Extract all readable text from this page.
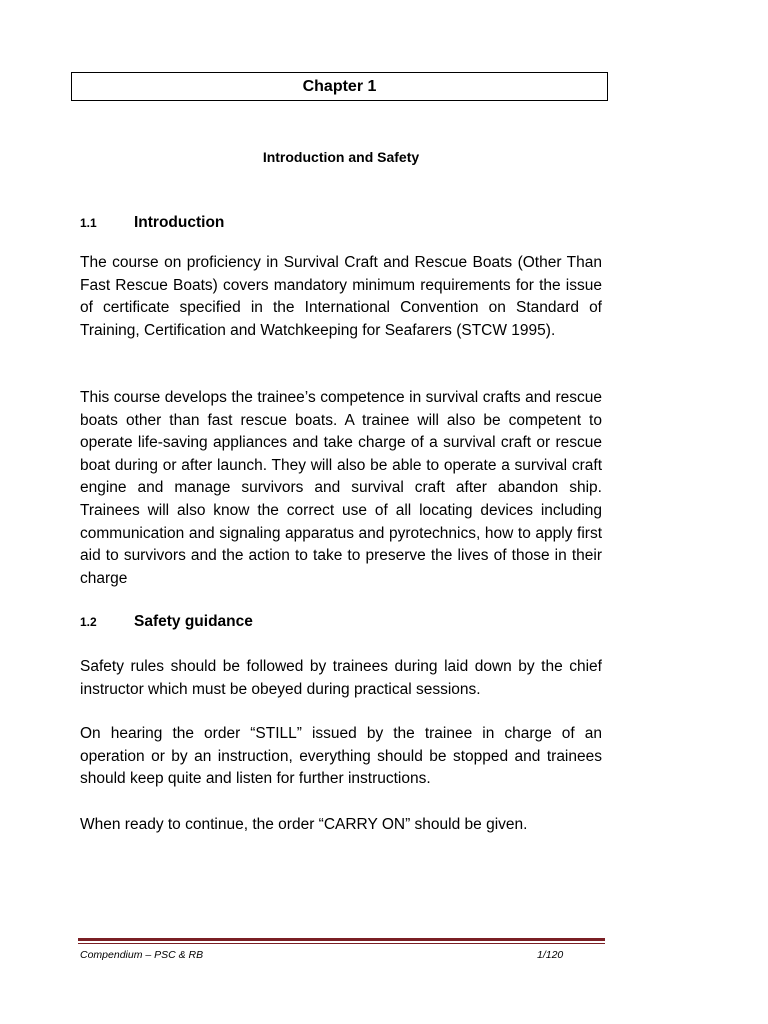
Chapter 1
Introduction and Safety
1.1	Introduction

The course on proficiency in Survival Craft and Rescue Boats (Other Than Fast Rescue Boats) covers mandatory minimum requirements for the issue of certificate specified in the International Convention on Standard of Training, Certification and Watchkeeping for Seafarers (STCW 1995).

This course develops the trainee’s competence in survival crafts and rescue boats other than fast rescue boats. A trainee will also be competent to operate life-saving appliances and take charge of a survival craft or rescue boat during or after launch. They will also be able to operate a survival craft engine and manage survivors and survival craft after abandon ship. Trainees will also know the correct use of all locating devices including communication and signaling apparatus and pyrotechnics, how to apply first aid to survivors and the action to take to preserve the lives of those in their charge

1.2	Safety guidance

Safety rules should be followed by trainees during laid down by the chief instructor which must be obeyed during practical sessions.

On hearing the order “STILL” issued by the trainee in charge of an operation or by an instruction, everything should be stopped and trainees should keep quite and listen for further instructions.

When ready to continue, the order “CARRY ON” should be given.

Compendium – PSC & RB	1/120
